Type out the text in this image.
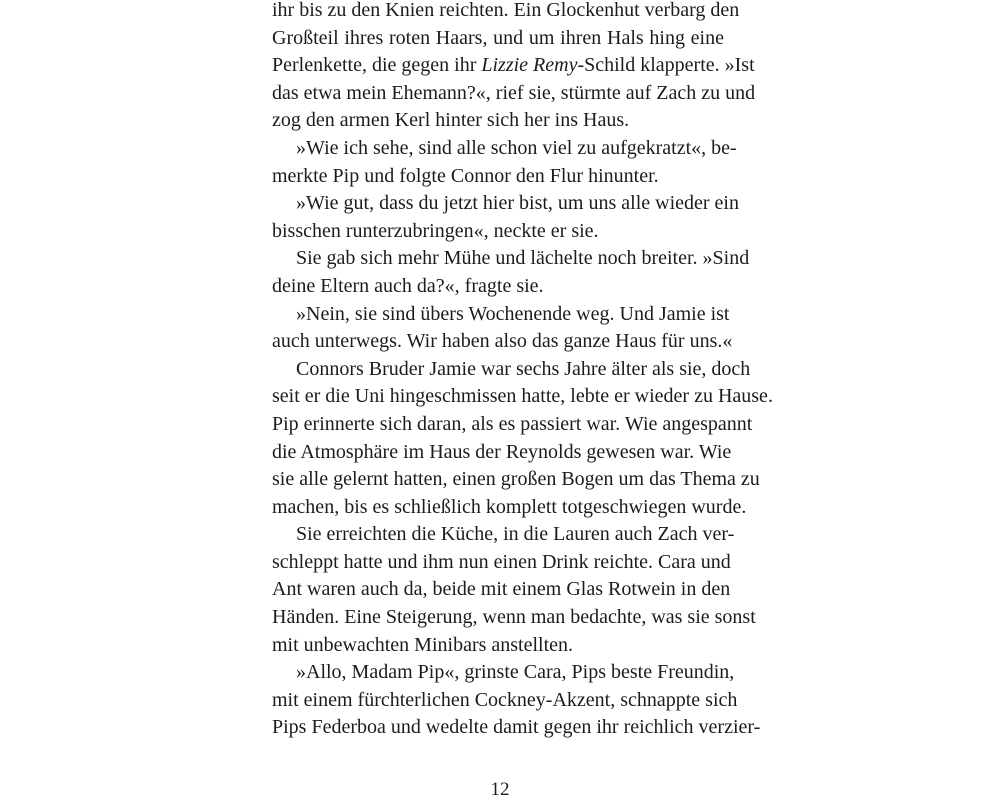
ihr bis zu den Knien reichten. Ein Glockenhut verbarg den
Großteil ihres roten Haars, und um ihren Hals hing eine
Perlenkette, die gegen ihr Lizzie Remy-Schild klapperte. »Ist
das etwa mein Ehemann?«, rief sie, stürmte auf Zach zu und
zog den armen Kerl hinter sich her ins Haus.
»Wie ich sehe, sind alle schon viel zu aufgekratzt«, be-
merkte Pip und folgte Connor den Flur hinunter.
»Wie gut, dass du jetzt hier bist, um uns alle wieder ein
bisschen runterzubringen«, neckte er sie.
Sie gab sich mehr Mühe und lächelte noch breiter. »Sind
deine Eltern auch da?«, fragte sie.
»Nein, sie sind übers Wochenende weg. Und Jamie ist
auch unterwegs. Wir haben also das ganze Haus für uns.«
Connors Bruder Jamie war sechs Jahre älter als sie, doch
seit er die Uni hingeschmissen hatte, lebte er wieder zu Hause.
Pip erinnerte sich daran, als es passiert war. Wie angespannt
die Atmosphäre im Haus der Reynolds gewesen war. Wie
sie alle gelernt hatten, einen großen Bogen um das Thema zu
machen, bis es schließlich komplett totgeschwiegen wurde.
Sie erreichten die Küche, in die Lauren auch Zach ver-
schleppt hatte und ihm nun einen Drink reichte. Cara und
Ant waren auch da, beide mit einem Glas Rotwein in den
Händen. Eine Steigerung, wenn man bedachte, was sie sonst
mit unbewachten Minibars anstellten.
»Allo, Madam Pip«, grinste Cara, Pips beste Freundin,
mit einem fürchterlichen Cockney-Akzent, schnappte sich
Pips Federboa und wedelte damit gegen ihr reichlich verzier-
12
